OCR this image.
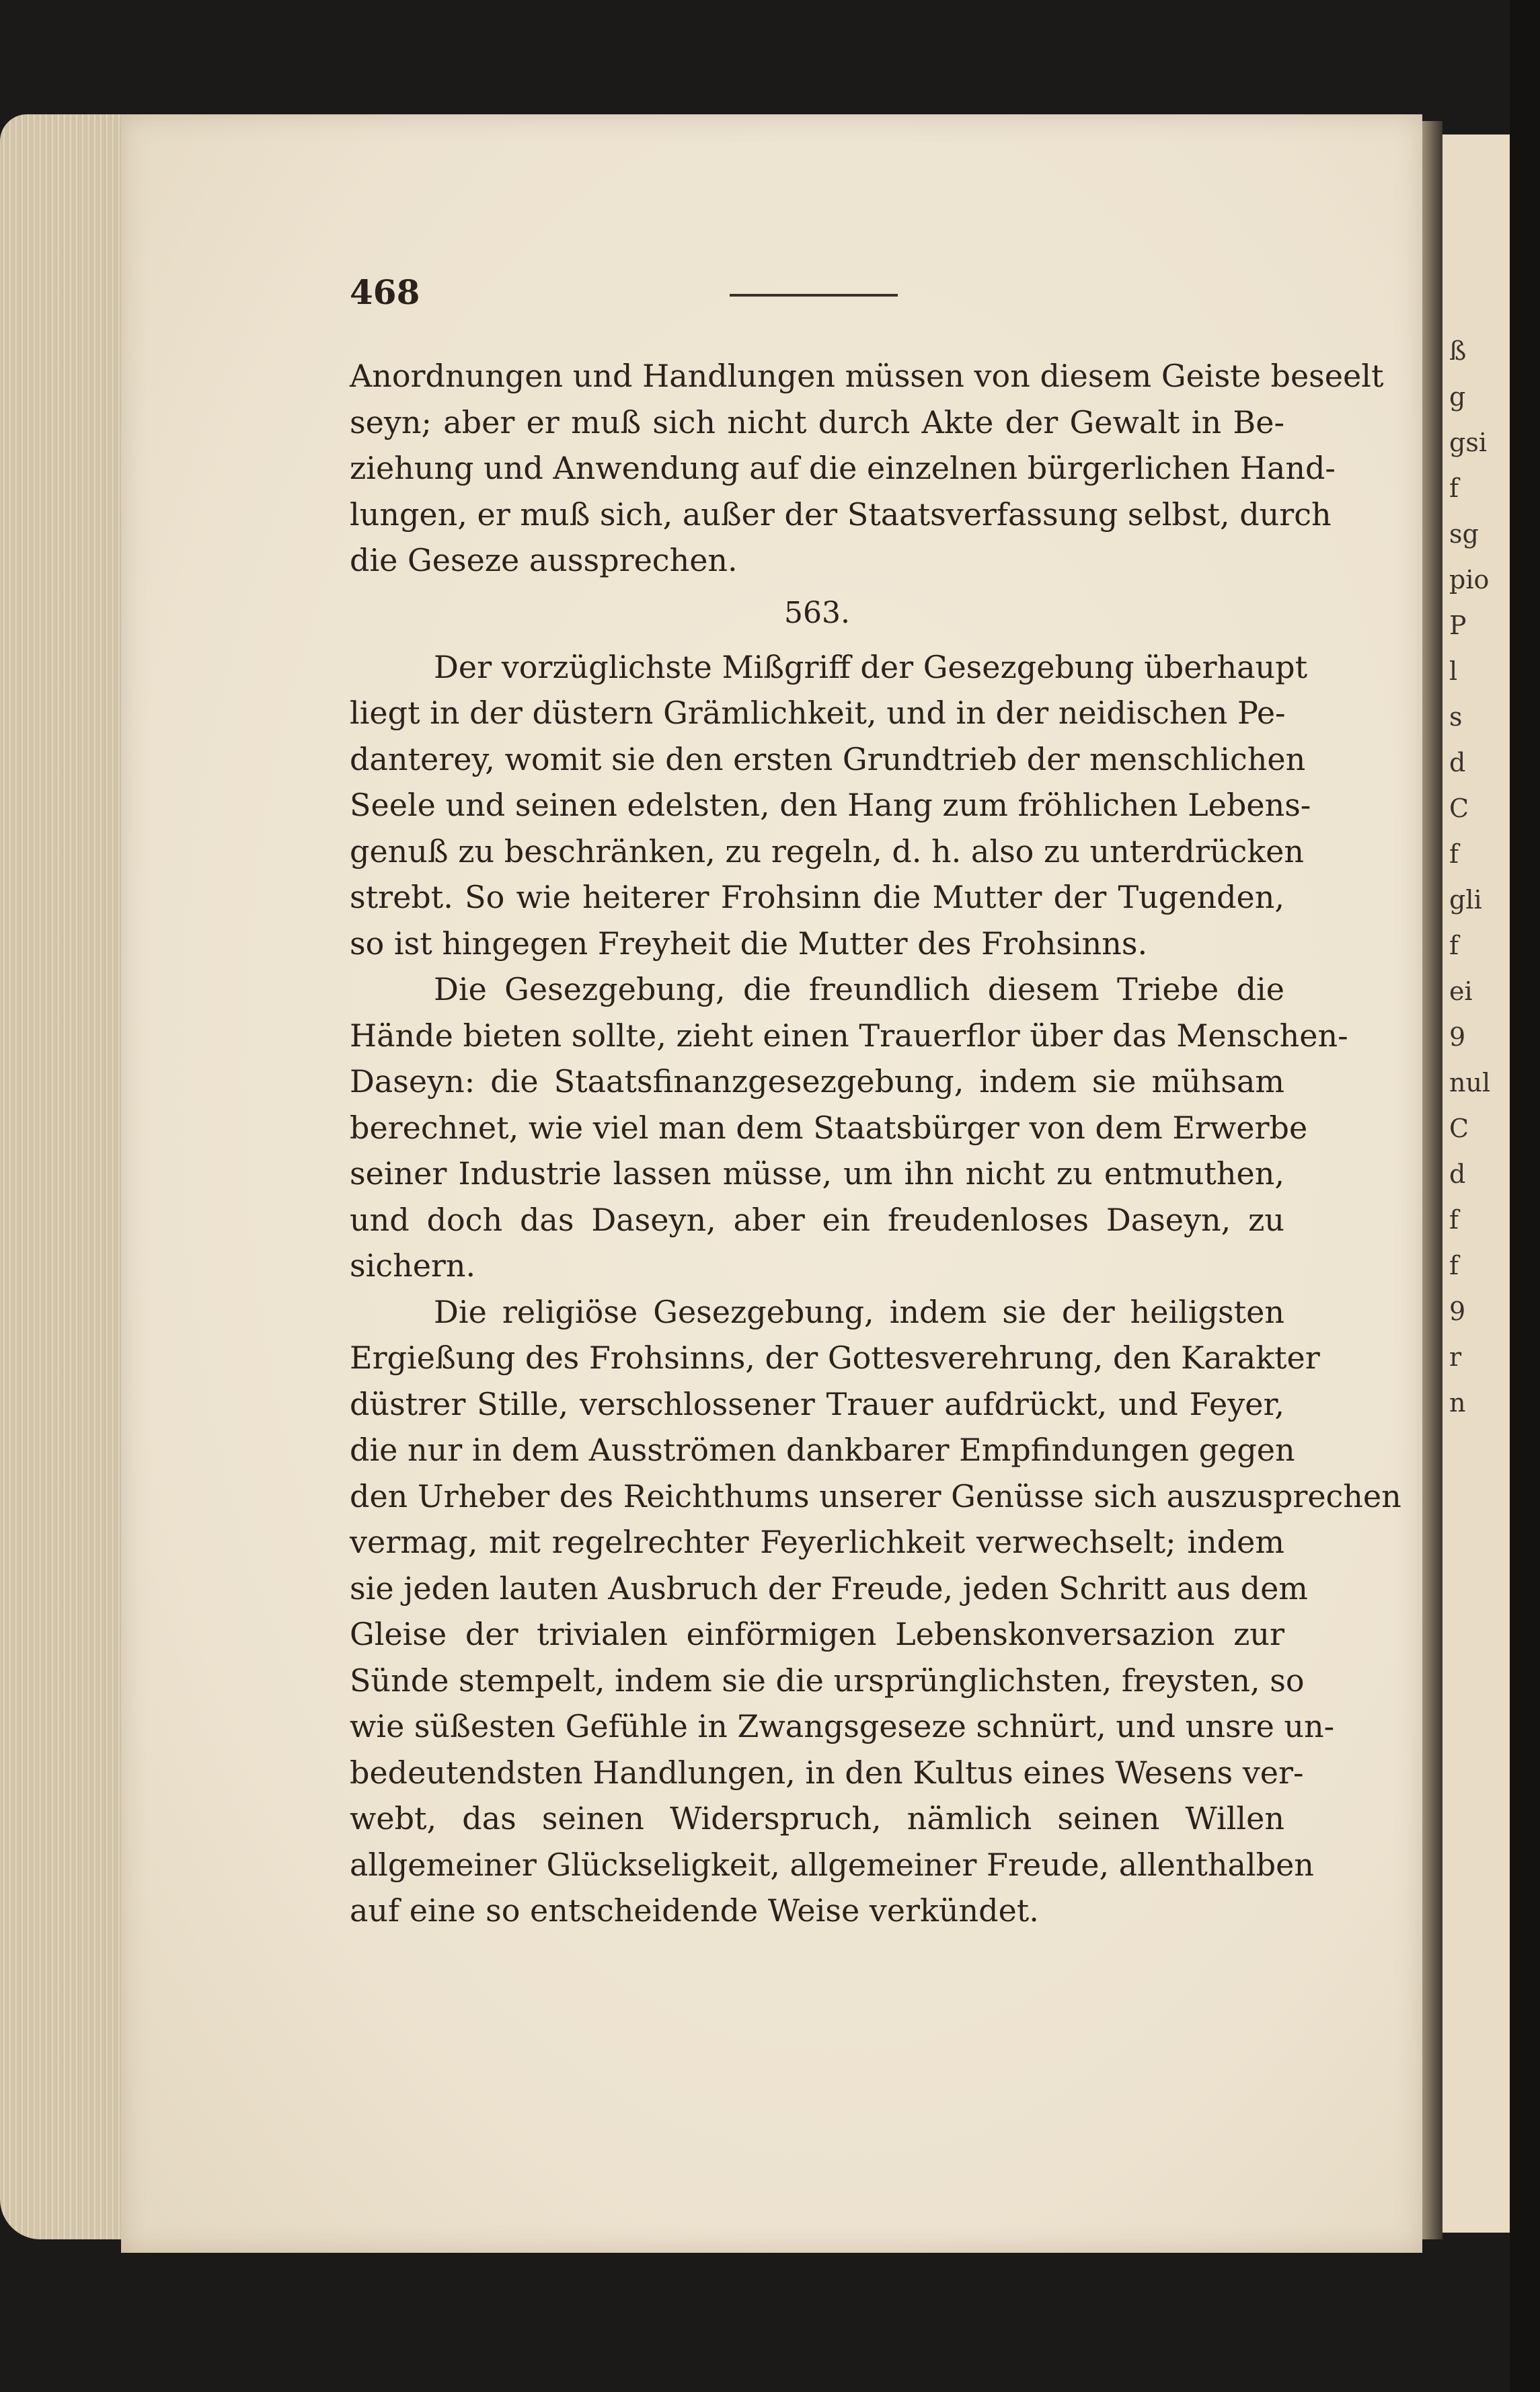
ß
g
gsi
f
sg
pio
P
l
s
d
C
f
gli
f
ei
9
nul
C
d
f
f
9
r
n
468
Anordnungen und Handlungen müssen von diesem Geiste beseelt
seyn; aber er muß sich nicht durch Akte der Gewalt in Be-
ziehung und Anwendung auf die einzelnen bürgerlichen Hand-
lungen, er muß sich, außer der Staatsverfassung selbst, durch
die Geseze aussprechen.
563.
Der vorzüglichste Mißgriff der Gesezgebung überhaupt
liegt in der düstern Grämlichkeit, und in der neidischen Pe-
danterey, womit sie den ersten Grundtrieb der menschlichen
Seele und seinen edelsten, den Hang zum fröhlichen Lebens-
genuß zu beschränken, zu regeln, d. h. also zu unterdrücken
strebt. So wie heiterer Frohsinn die Mutter der Tugenden,
so ist hingegen Freyheit die Mutter des Frohsinns.
Die Gesezgebung, die freundlich diesem Triebe die
Hände bieten sollte, zieht einen Trauerflor über das Menschen-
Daseyn: die Staatsfinanzgesezgebung, indem sie mühsam
berechnet, wie viel man dem Staatsbürger von dem Erwerbe
seiner Industrie lassen müsse, um ihn nicht zu entmuthen,
und doch das Daseyn, aber ein freudenloses Daseyn, zu
sichern.
Die religiöse Gesezgebung, indem sie der heiligsten
Ergießung des Frohsinns, der Gottesverehrung, den Karakter
düstrer Stille, verschlossener Trauer aufdrückt, und Feyer,
die nur in dem Ausströmen dankbarer Empfindungen gegen
den Urheber des Reichthums unserer Genüsse sich auszusprechen
vermag, mit regelrechter Feyerlichkeit verwechselt; indem
sie jeden lauten Ausbruch der Freude, jeden Schritt aus dem
Gleise der trivialen einförmigen Lebenskonversazion zur
Sünde stempelt, indem sie die ursprünglichsten, freysten, so
wie süßesten Gefühle in Zwangsgeseze schnürt, und unsre un-
bedeutendsten Handlungen, in den Kultus eines Wesens ver-
webt, das seinen Widerspruch, nämlich seinen Willen
allgemeiner Glückseligkeit, allgemeiner Freude, allenthalben
auf eine so entscheidende Weise verkündet.
